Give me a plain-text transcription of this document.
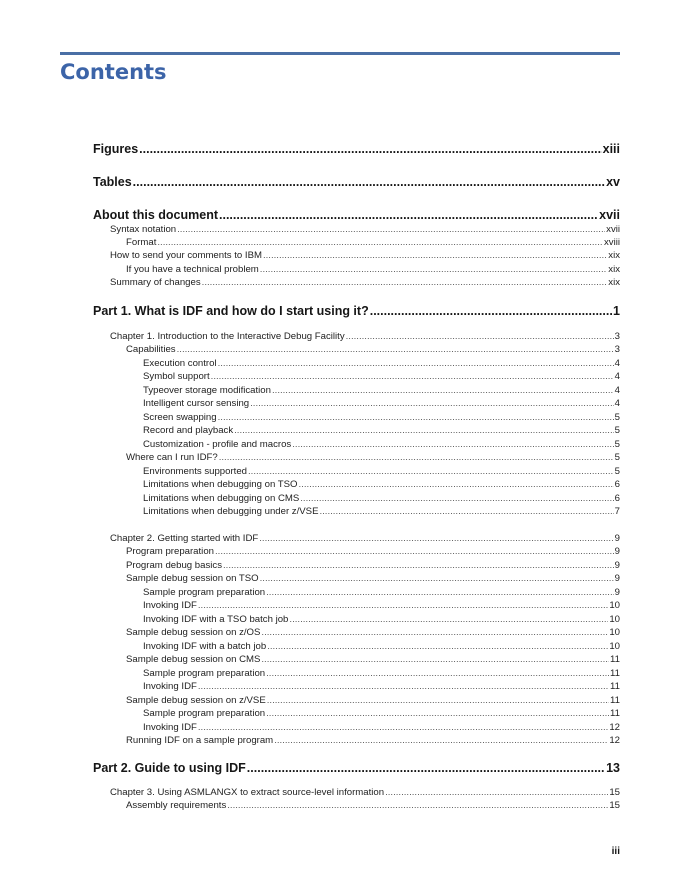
Contents
Figures .....	xiii
Tables .....	xv
About this document .....	xvii
Syntax notation .....	xvii
Format .....	xviii
How to send your comments to IBM .....	xix
If you have a technical problem .....	xix
Summary of changes .....	xix
Part 1. What is IDF and how do I start using it? .....	1
Chapter 1. Introduction to the Interactive Debug Facility .....	3
Capabilities .....	3
Execution control .....	4
Symbol support .....	4
Typeover storage modification .....	4
Intelligent cursor sensing .....	4
Screen swapping .....	5
Record and playback .....	5
Customization - profile and macros .....	5
Where can I run IDF? .....	5
Environments supported .....	5
Limitations when debugging on TSO .....	6
Limitations when debugging on CMS .....	6
Limitations when debugging under z/VSE .....	7
Chapter 2. Getting started with IDF .....	9
Program preparation .....	9
Program debug basics .....	9
Sample debug session on TSO .....	9
Sample program preparation .....	9
Invoking IDF .....	10
Invoking IDF with a TSO batch job .....	10
Sample debug session on z/OS .....	10
Invoking IDF with a batch job .....	10
Sample debug session on CMS .....	11
Sample program preparation .....	11
Invoking IDF .....	11
Sample debug session on z/VSE .....	11
Sample program preparation .....	11
Invoking IDF .....	12
Running IDF on a sample program .....	12
Part 2. Guide to using IDF .....	13
Chapter 3. Using ASMLANGX to extract source-level information .....	15
Assembly requirements .....	15
iii
